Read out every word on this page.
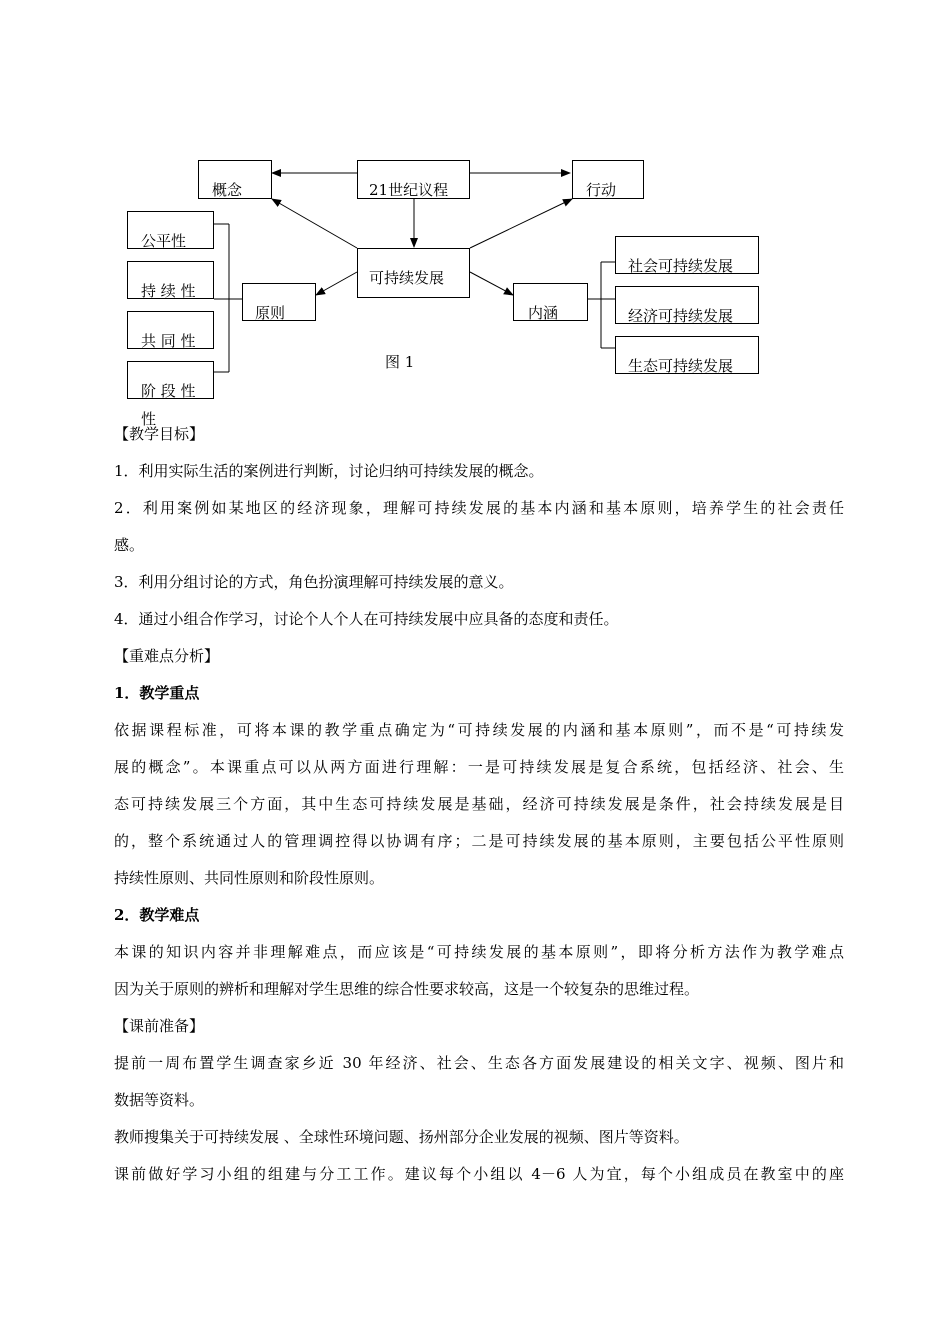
概念	21世纪议程	行动
可持续发展
原则	内涵
公平性
持 续 性
共 同 性
阶 段 性
性
社会可持续发展
经济可持续发展
生态可持续发展
图 1

【教学目标】

1．利用实际生活的案例进行判断，讨论归纳可持续发展的概念。

2．利用案例如某地区的经济现象，理解可持续发展的基本内涵和基本原则，培养学生的社会责任

感。

3．利用分组讨论的方式，角色扮演理解可持续发展的意义。

4．通过小组合作学习，讨论个人个人在可持续发展中应具备的态度和责任。

【重难点分析】

1．教学重点

依据课程标准，可将本课的教学重点确定为“可持续发展的内涵和基本原则”，而不是“可持续发

展的概念”。本课重点可以从两方面进行理解：一是可持续发展是复合系统，包括经济、社会、生

态可持续发展三个方面，其中生态可持续发展是基础，经济可持续发展是条件，社会持续发展是目

的，整个系统通过人的管理调控得以协调有序；二是可持续发展的基本原则，主要包括公平性原则

持续性原则、共同性原则和阶段性原则。

2．教学难点

本课的知识内容并非理解难点，而应该是“可持续发展的基本原则”，即将分析方法作为教学难点

因为关于原则的辨析和理解对学生思维的综合性要求较高，这是一个较复杂的思维过程。

【课前准备】

提前一周布置学生调查家乡近 30 年经济、社会、生态各方面发展建设的相关文字、视频、图片和

数据等资料。

教师搜集关于可持续发展 、全球性环境问题、扬州部分企业发展的视频、图片等资料。

课前做好学习小组的组建与分工工作。建议每个小组以 4－6 人为宜，每个小组成员在教室中的座
